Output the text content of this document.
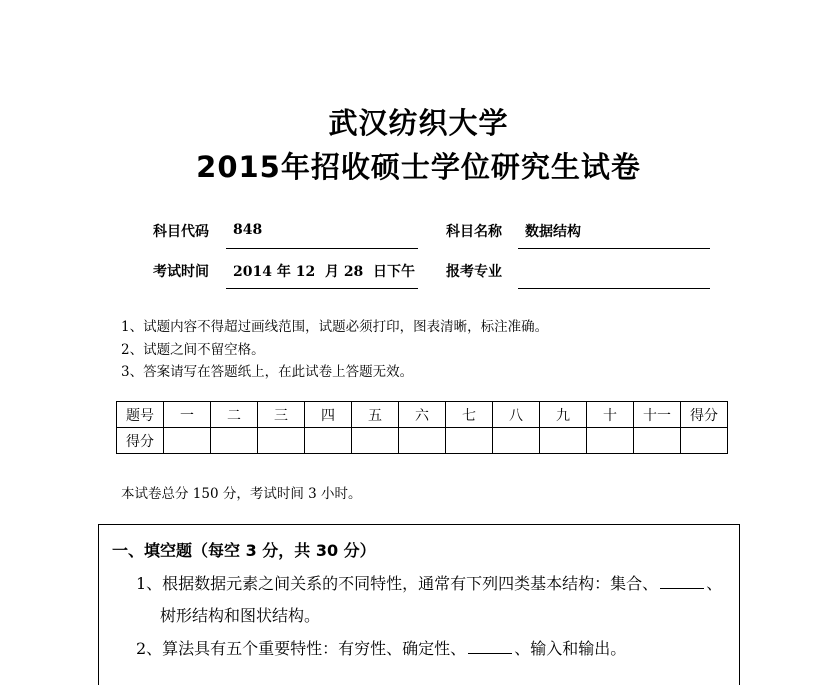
武汉纺织大学
2015年招收硕士学位研究生试卷
科目代码 848	科目名称 数据结构
考试时间 2014 年 12  月 28  日下午 报考专业
1、试题内容不得超过画线范围，试题必须打印，图表清晰，标注准确。
2、试题之间不留空格。
3、答案请写在答题纸上，在此试卷上答题无效。
题号	一	二	三	四	五	六	七	八	九	十	十一	得分
得分												
本试卷总分 150 分，考试时间 3 小时。
一、填空题（每空 3 分，共 30 分）
1、根据数据元素之间关系的不同特性，通常有下列四类基本结构：集合、	、
树形结构和图状结构。
2、算法具有五个重要特性：有穷性、确定性、	、输入和输出。
